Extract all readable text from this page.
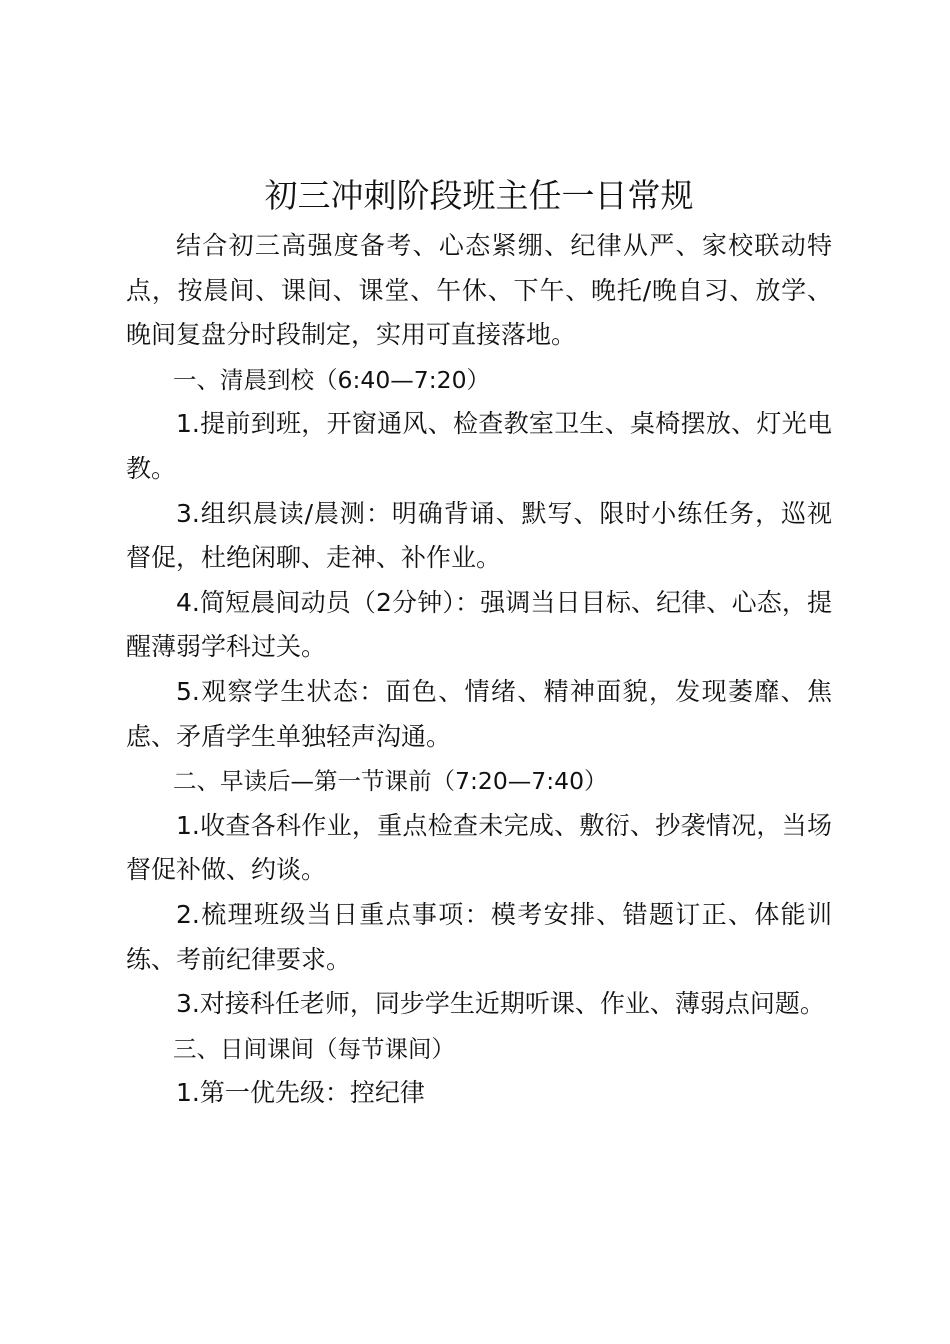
初三冲刺阶段班主任一日常规

结合初三高强度备考、心态紧绷、纪律从严、家校联动特点，按晨间、课间、课堂、午休、下午、晚托/晚自习、放学、晚间复盘分时段制定，实用可直接落地。

一、清晨到校（6:40—7:20）

1.提前到班，开窗通风、检查教室卫生、桌椅摆放、灯光电教。

3.组织晨读/晨测：明确背诵、默写、限时小练任务，巡视督促，杜绝闲聊、走神、补作业。

4.简短晨间动员（2分钟）：强调当日目标、纪律、心态，提醒薄弱学科过关。

5.观察学生状态：面色、情绪、精神面貌，发现萎靡、焦虑、矛盾学生单独轻声沟通。

二、早读后—第一节课前（7:20—7:40）

1.收查各科作业，重点检查未完成、敷衍、抄袭情况，当场督促补做、约谈。

2.梳理班级当日重点事项：模考安排、错题订正、体能训练、考前纪律要求。

3.对接科任老师，同步学生近期听课、作业、薄弱点问题。

三、日间课间（每节课间）

1.第一优先级：控纪律
